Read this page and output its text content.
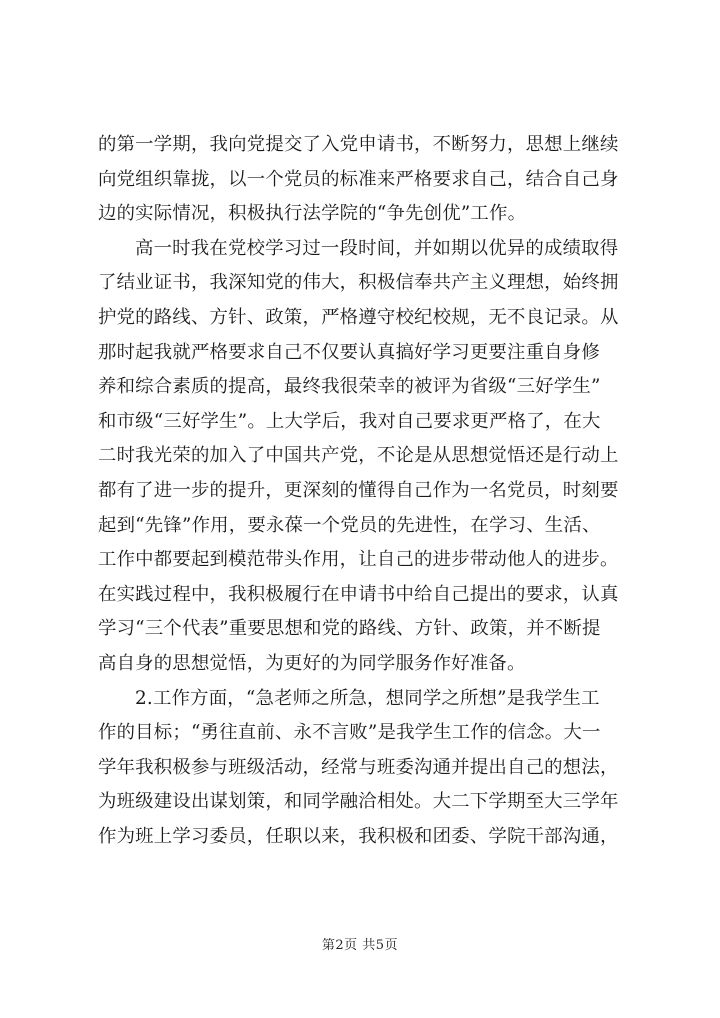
的第一学期，我向党提交了入党申请书，不断努力，思想上继续
向党组织靠拢，以一个党员的标准来严格要求自己，结合自己身
边的实际情况，积极执行法学院的“争先创优”工作。
高一时我在党校学习过一段时间，并如期以优异的成绩取得
了结业证书，我深知党的伟大，积极信奉共产主义理想，始终拥
护党的路线、方针、政策，严格遵守校纪校规，无不良记录。从
那时起我就严格要求自己不仅要认真搞好学习更要注重自身修
养和综合素质的提高，最终我很荣幸的被评为省级“三好学生”
和市级“三好学生”。上大学后，我对自己要求更严格了，在大
二时我光荣的加入了中国共产党，不论是从思想觉悟还是行动上
都有了进一步的提升，更深刻的懂得自己作为一名党员，时刻要
起到“先锋”作用，要永葆一个党员的先进性，在学习、生活、
工作中都要起到模范带头作用，让自己的进步带动他人的进步。
在实践过程中，我积极履行在申请书中给自己提出的要求，认真
学习“三个代表”重要思想和党的路线、方针、政策，并不断提
高自身的思想觉悟，为更好的为同学服务作好准备。
2.工作方面，“急老师之所急，想同学之所想”是我学生工
作的目标；“勇往直前、永不言败”是我学生工作的信念。大一
学年我积极参与班级活动，经常与班委沟通并提出自己的想法，
为班级建设出谋划策，和同学融洽相处。大二下学期至大三学年
作为班上学习委员，任职以来，我积极和团委、学院干部沟通，
第2页 共5页
